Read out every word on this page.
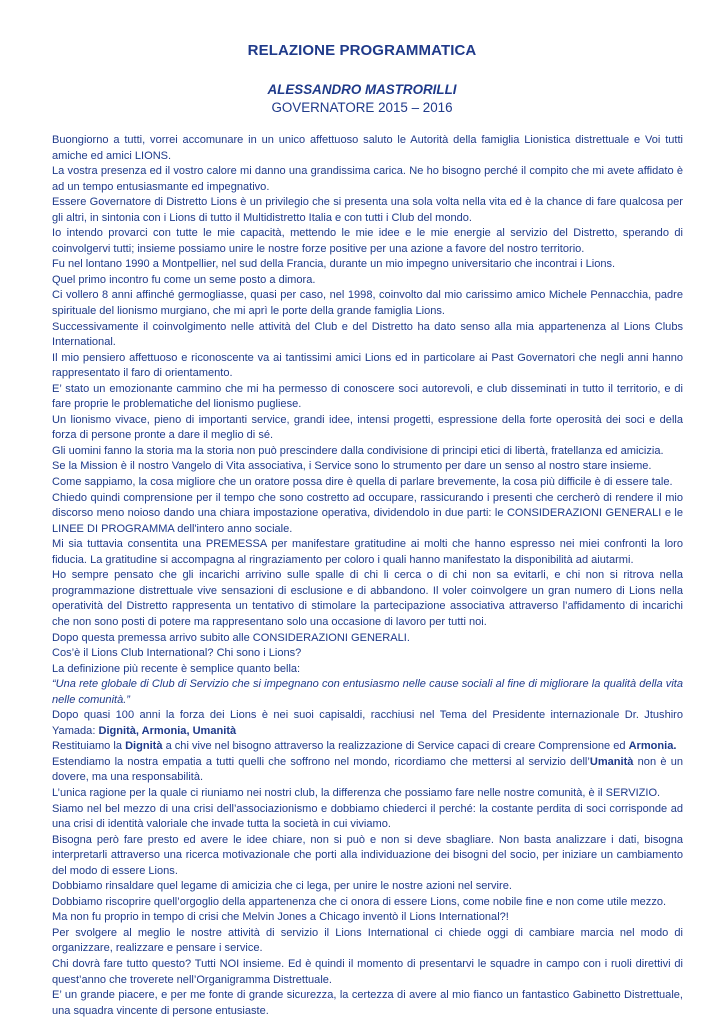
RELAZIONE PROGRAMMATICA
ALESSANDRO MASTRORILLI
GOVERNATORE 2015 – 2016

Buongiorno a tutti, vorrei accomunare in un unico affettuoso saluto le Autorità della famiglia Lionistica distrettuale e Voi tutti amiche ed amici LIONS.

La vostra presenza ed il vostro calore mi danno una grandissima carica. Ne ho bisogno perché il compito che mi avete affidato è ad un tempo entusiasmante ed impegnativo.

Essere Governatore di Distretto Lions è un privilegio che si presenta una sola volta nella vita ed è la chance di fare qualcosa per gli altri, in sintonia con i Lions di tutto il Multidistretto Italia e con tutti i Club del mondo.

Io intendo provarci con tutte le mie capacità, mettendo le mie idee e le mie energie al servizio del Distretto, sperando di coinvolgervi tutti; insieme possiamo unire le nostre forze positive per una azione a favore del nostro territorio.

Fu nel lontano 1990 a Montpellier, nel sud della Francia, durante un mio impegno universitario che incontrai i Lions.

Quel primo incontro fu come un seme posto a dimora.

Ci vollero 8 anni affinché germogliasse, quasi per caso, nel 1998, coinvolto dal mio carissimo amico Michele Pennacchia, padre spirituale del lionismo murgiano, che mi aprì le porte della grande famiglia Lions.

Successivamente il coinvolgimento nelle attività del Club e del Distretto ha dato senso alla mia appartenenza al Lions Clubs International.

Il mio pensiero affettuoso e riconoscente va ai tantissimi amici Lions ed in particolare ai Past Governatori che negli anni hanno rappresentato il faro di orientamento.

E’ stato un emozionante cammino che mi ha permesso di conoscere soci autorevoli, e club disseminati in tutto il territorio, e di fare proprie le problematiche del lionismo pugliese.

Un lionismo vivace, pieno di importanti service, grandi idee, intensi progetti, espressione della forte operosità dei soci e della forza di persone pronte a dare il meglio di sé.

Gli uomini fanno la storia ma la storia non può prescindere dalla condivisione di principi etici di libertà, fratellanza ed amicizia.

Se la Mission è il nostro Vangelo di Vita associativa, i Service sono lo strumento per dare un senso al nostro stare insieme.

Come sappiamo, la cosa migliore che un oratore possa dire è quella di parlare brevemente, la cosa più difficile è di essere tale.

Chiedo quindi comprensione per il tempo che sono costretto ad occupare, rassicurando i presenti che cercherò di rendere il mio discorso meno noioso dando una chiara impostazione operativa, dividendolo in due parti: le CONSIDERAZIONI GENERALI e le LINEE DI PROGRAMMA dell'intero anno sociale.

Mi sia tuttavia consentita una PREMESSA per manifestare gratitudine ai molti che hanno espresso nei miei confronti la loro fiducia. La gratitudine si accompagna al ringraziamento per coloro i quali hanno manifestato la disponibilità ad aiutarmi.

Ho sempre pensato che gli incarichi arrivino sulle spalle di chi li cerca o di chi non sa evitarli, e chi non si ritrova nella programmazione distrettuale vive sensazioni di esclusione e di abbandono. Il voler coinvolgere un gran numero di Lions nella operatività del Distretto rappresenta un tentativo di stimolare la partecipazione associativa attraverso l’affidamento di incarichi che non sono posti di potere ma rappresentano solo una occasione di lavoro per tutti noi.

Dopo questa premessa arrivo subito alle CONSIDERAZIONI GENERALI.

Cos’è il Lions Club International? Chi sono i Lions?

La definizione più recente è semplice quanto bella:

“Una rete globale di Club di Servizio che si impegnano con entusiasmo nelle cause sociali al fine di migliorare la qualità della vita nelle comunità.”

Dopo quasi 100 anni la forza dei Lions è nei suoi capisaldi, racchiusi nel Tema del Presidente internazionale Dr. Jtushiro Yamada: Dignità, Armonia, Umanità

Restituiamo la Dignità a chi vive nel bisogno attraverso la realizzazione di Service capaci di creare Comprensione ed Armonia.

Estendiamo la nostra empatia a tutti quelli che soffrono nel mondo, ricordiamo che mettersi al servizio dell’Umanità non è un dovere, ma una responsabilità.

L’unica ragione per la quale ci riuniamo nei nostri club, la differenza che possiamo fare nelle nostre comunità, è il SERVIZIO.

Siamo nel bel mezzo di una crisi dell’associazionismo e dobbiamo chiederci il perché: la costante perdita di soci corrisponde ad una crisi di identità valoriale che invade tutta la società in cui viviamo.

Bisogna però fare presto ed avere le idee chiare, non si può e non si deve sbagliare. Non basta analizzare i dati, bisogna interpretarli attraverso una ricerca motivazionale che porti alla individuazione dei bisogni del socio, per iniziare un cambiamento del modo di essere Lions.

Dobbiamo rinsaldare quel legame di amicizia che ci lega, per unire le nostre azioni nel servire.

Dobbiamo riscoprire quell’orgoglio della appartenenza che ci onora di essere Lions, come nobile fine e non come utile mezzo.

Ma non fu proprio in tempo di crisi che Melvin Jones a Chicago inventò il Lions International?!

Per svolgere al meglio le nostre attività di servizio il Lions International ci chiede oggi di cambiare marcia nel modo di organizzare, realizzare e pensare i service.

Chi dovrà fare tutto questo? Tutti NOI insieme. Ed è quindi il momento di presentarvi le squadre in campo con i ruoli direttivi di quest’anno che troverete nell’Organigramma Distrettuale.

E’ un grande piacere, e per me fonte di grande sicurezza, la certezza di avere al mio fianco un fantastico Gabinetto Distrettuale, una squadra vincente di persone entusiaste.
